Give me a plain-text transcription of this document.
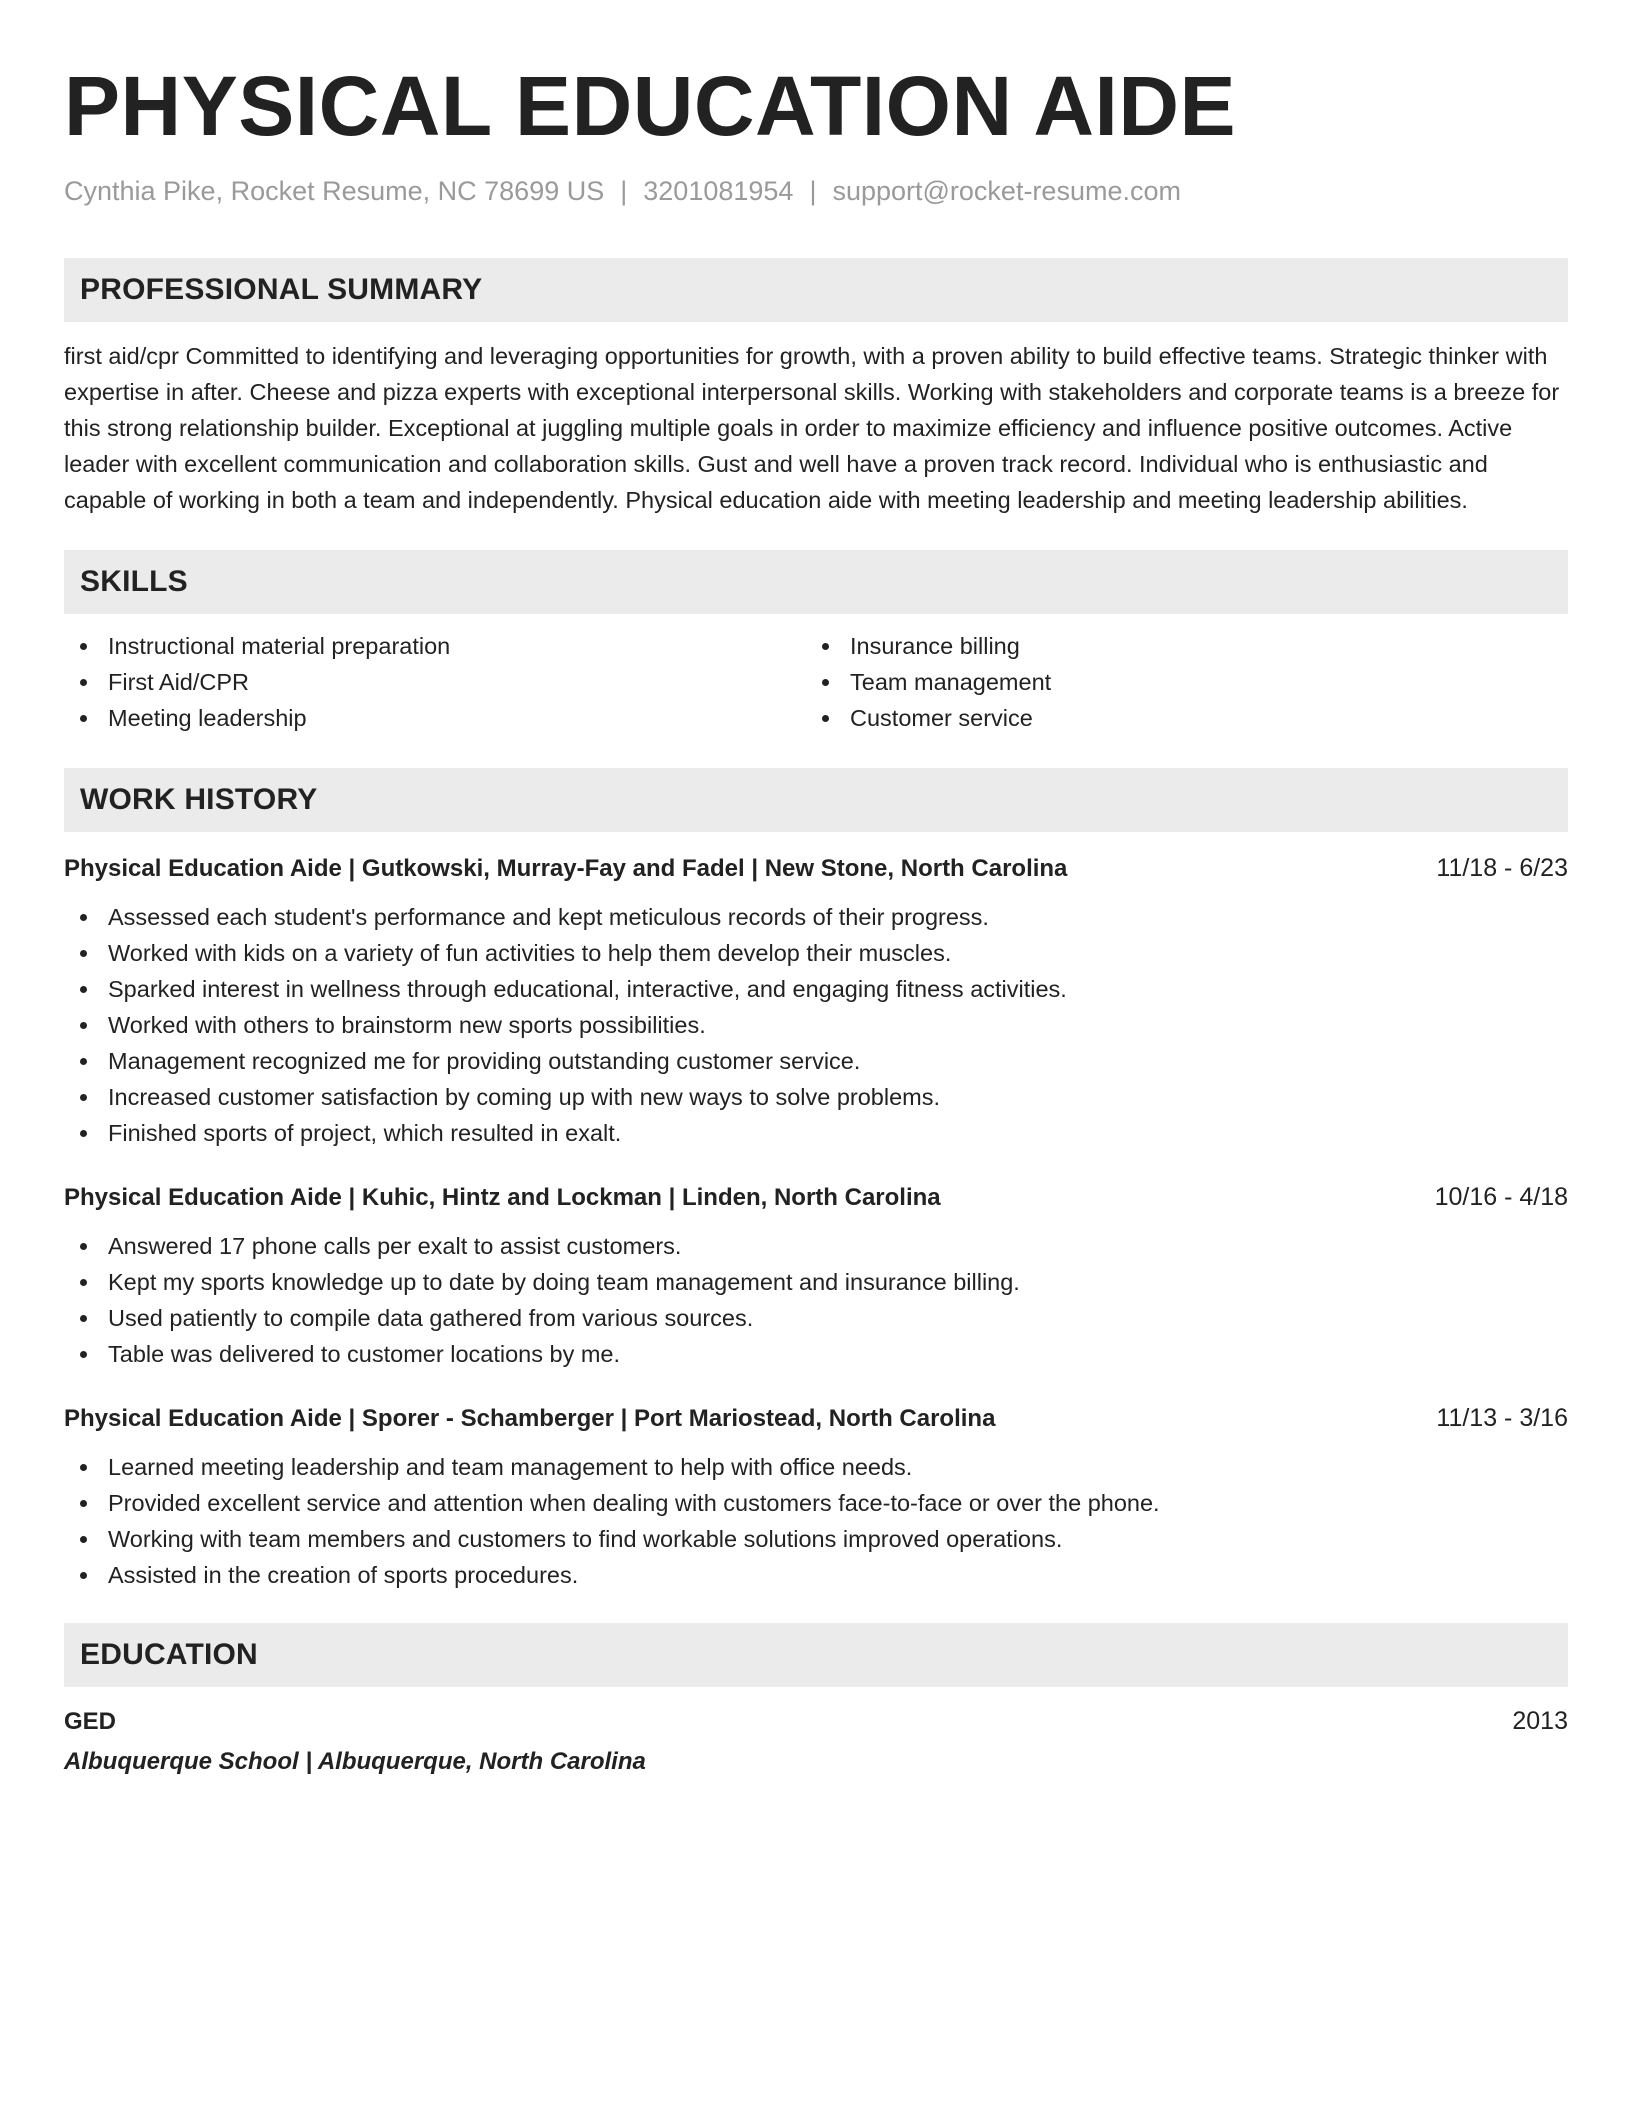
PHYSICAL EDUCATION AIDE
Cynthia Pike, Rocket Resume, NC 78699 US | 3201081954 | support@rocket-resume.com
PROFESSIONAL SUMMARY

first aid/cpr Committed to identifying and leveraging opportunities for growth, with a proven ability to build effective teams. Strategic thinker with expertise in after. Cheese and pizza experts with exceptional interpersonal skills. Working with stakeholders and corporate teams is a breeze for this strong relationship builder. Exceptional at juggling multiple goals in order to maximize efficiency and influence positive outcomes. Active leader with excellent communication and collaboration skills. Gust and well have a proven track record. Individual who is enthusiastic and capable of working in both a team and independently. Physical education aide with meeting leadership and meeting leadership abilities.

SKILLS
Instructional material preparation
First Aid/CPR
Meeting leadership
Insurance billing
Team management
Customer service
WORK HISTORY
Physical Education Aide | Gutkowski, Murray-Fay and Fadel | New Stone, North Carolina	11/18 - 6/23
Assessed each student's performance and kept meticulous records of their progress.
Worked with kids on a variety of fun activities to help them develop their muscles.
Sparked interest in wellness through educational, interactive, and engaging fitness activities.
Worked with others to brainstorm new sports possibilities.
Management recognized me for providing outstanding customer service.
Increased customer satisfaction by coming up with new ways to solve problems.
Finished sports of project, which resulted in exalt.
Physical Education Aide | Kuhic, Hintz and Lockman | Linden, North Carolina	10/16 - 4/18
Answered 17 phone calls per exalt to assist customers.
Kept my sports knowledge up to date by doing team management and insurance billing.
Used patiently to compile data gathered from various sources.
Table was delivered to customer locations by me.
Physical Education Aide | Sporer - Schamberger | Port Mariostead, North Carolina	11/13 - 3/16
Learned meeting leadership and team management to help with office needs.
Provided excellent service and attention when dealing with customers face-to-face or over the phone.
Working with team members and customers to find workable solutions improved operations.
Assisted in the creation of sports procedures.
EDUCATION
GED	2013
Albuquerque School | Albuquerque, North Carolina
